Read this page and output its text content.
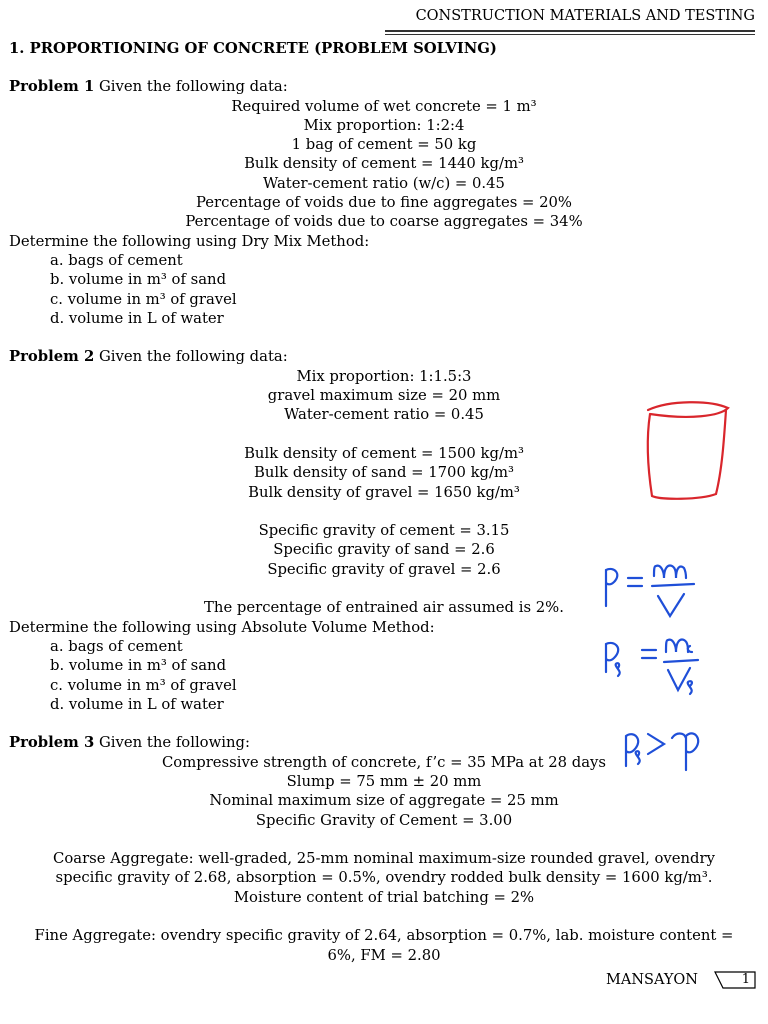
CONSTRUCTION MATERIALS AND TESTING
1. PROPORTIONING OF CONCRETE (PROBLEM SOLVING)
Problem 1 Given the following data:
Required volume of wet concrete = 1 m³
Mix proportion: 1:2:4
1 bag of cement = 50 kg
Bulk density of cement = 1440 kg/m³
Water-cement ratio (w/c) = 0.45
Percentage of voids due to fine aggregates = 20%
Percentage of voids due to coarse aggregates = 34%
Determine the following using Dry Mix Method:
a. bags of cement
b. volume in m³ of sand
c. volume in m³ of gravel
d. volume in L of water
Problem 2 Given the following data:
Mix proportion: 1:1.5:3
gravel maximum size = 20 mm
Water-cement ratio = 0.45
Bulk density of cement = 1500 kg/m³
Bulk density of sand = 1700 kg/m³
Bulk density of gravel = 1650 kg/m³
Specific gravity of cement = 3.15
Specific gravity of sand = 2.6
Specific gravity of gravel = 2.6
The percentage of entrained air assumed is 2%.
Determine the following using Absolute Volume Method:
a. bags of cement
b. volume in m³ of sand
c. volume in m³ of gravel
d. volume in L of water
Problem 3 Given the following:
Compressive strength of concrete, f’c = 35 MPa at 28 days
Slump = 75 mm ± 20 mm
Nominal maximum size of aggregate = 25 mm
Specific Gravity of Cement = 3.00
Coarse Aggregate: well-graded, 25-mm nominal maximum-size rounded gravel, ovendry
specific gravity of 2.68, absorption = 0.5%, ovendry rodded bulk density = 1600 kg/m³.
Moisture content of trial batching = 2%
Fine Aggregate: ovendry specific gravity of 2.64, absorption = 0.7%, lab. moisture content =
6%, FM = 2.80
MANSAYON	1
